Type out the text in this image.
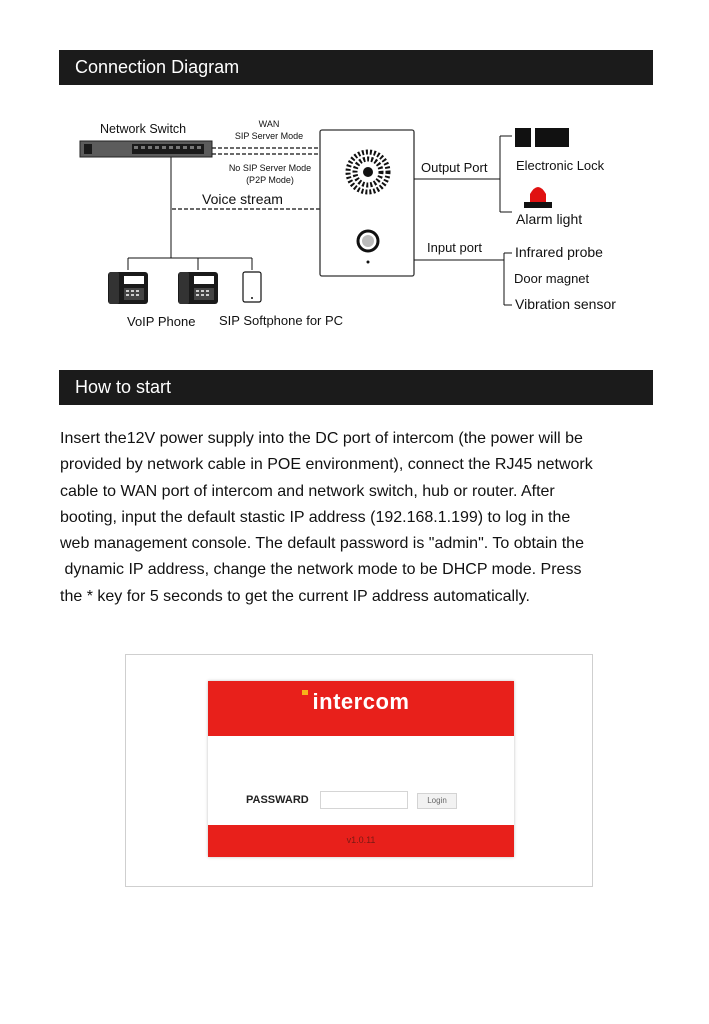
Connection Diagram
Network Switch	WAN
SIP Server Mode
No SIP Server Mode
(P2P Mode)
Voice stream
VoIP Phone SIP Softphone for PC
Output Port
Input port
Electronic Lock
Alarm light
Infrared probe
Door magnet
Vibration sensor
How to start

Insert the12V power supply into the DC port of intercom (the power will be

provided by network cable in POE environment), connect the RJ45 network

cable to WAN port of intercom and network switch, hub or router. After

booting, input the default stastic IP address (192.168.1.199) to log in the

web management console. The default password is "admin". To obtain the

dynamic IP address, change the network mode to be DHCP mode. Press

the * key for 5 seconds to get the current IP address automatically.

intercom
PASSWARD	Login
v1.0.11
